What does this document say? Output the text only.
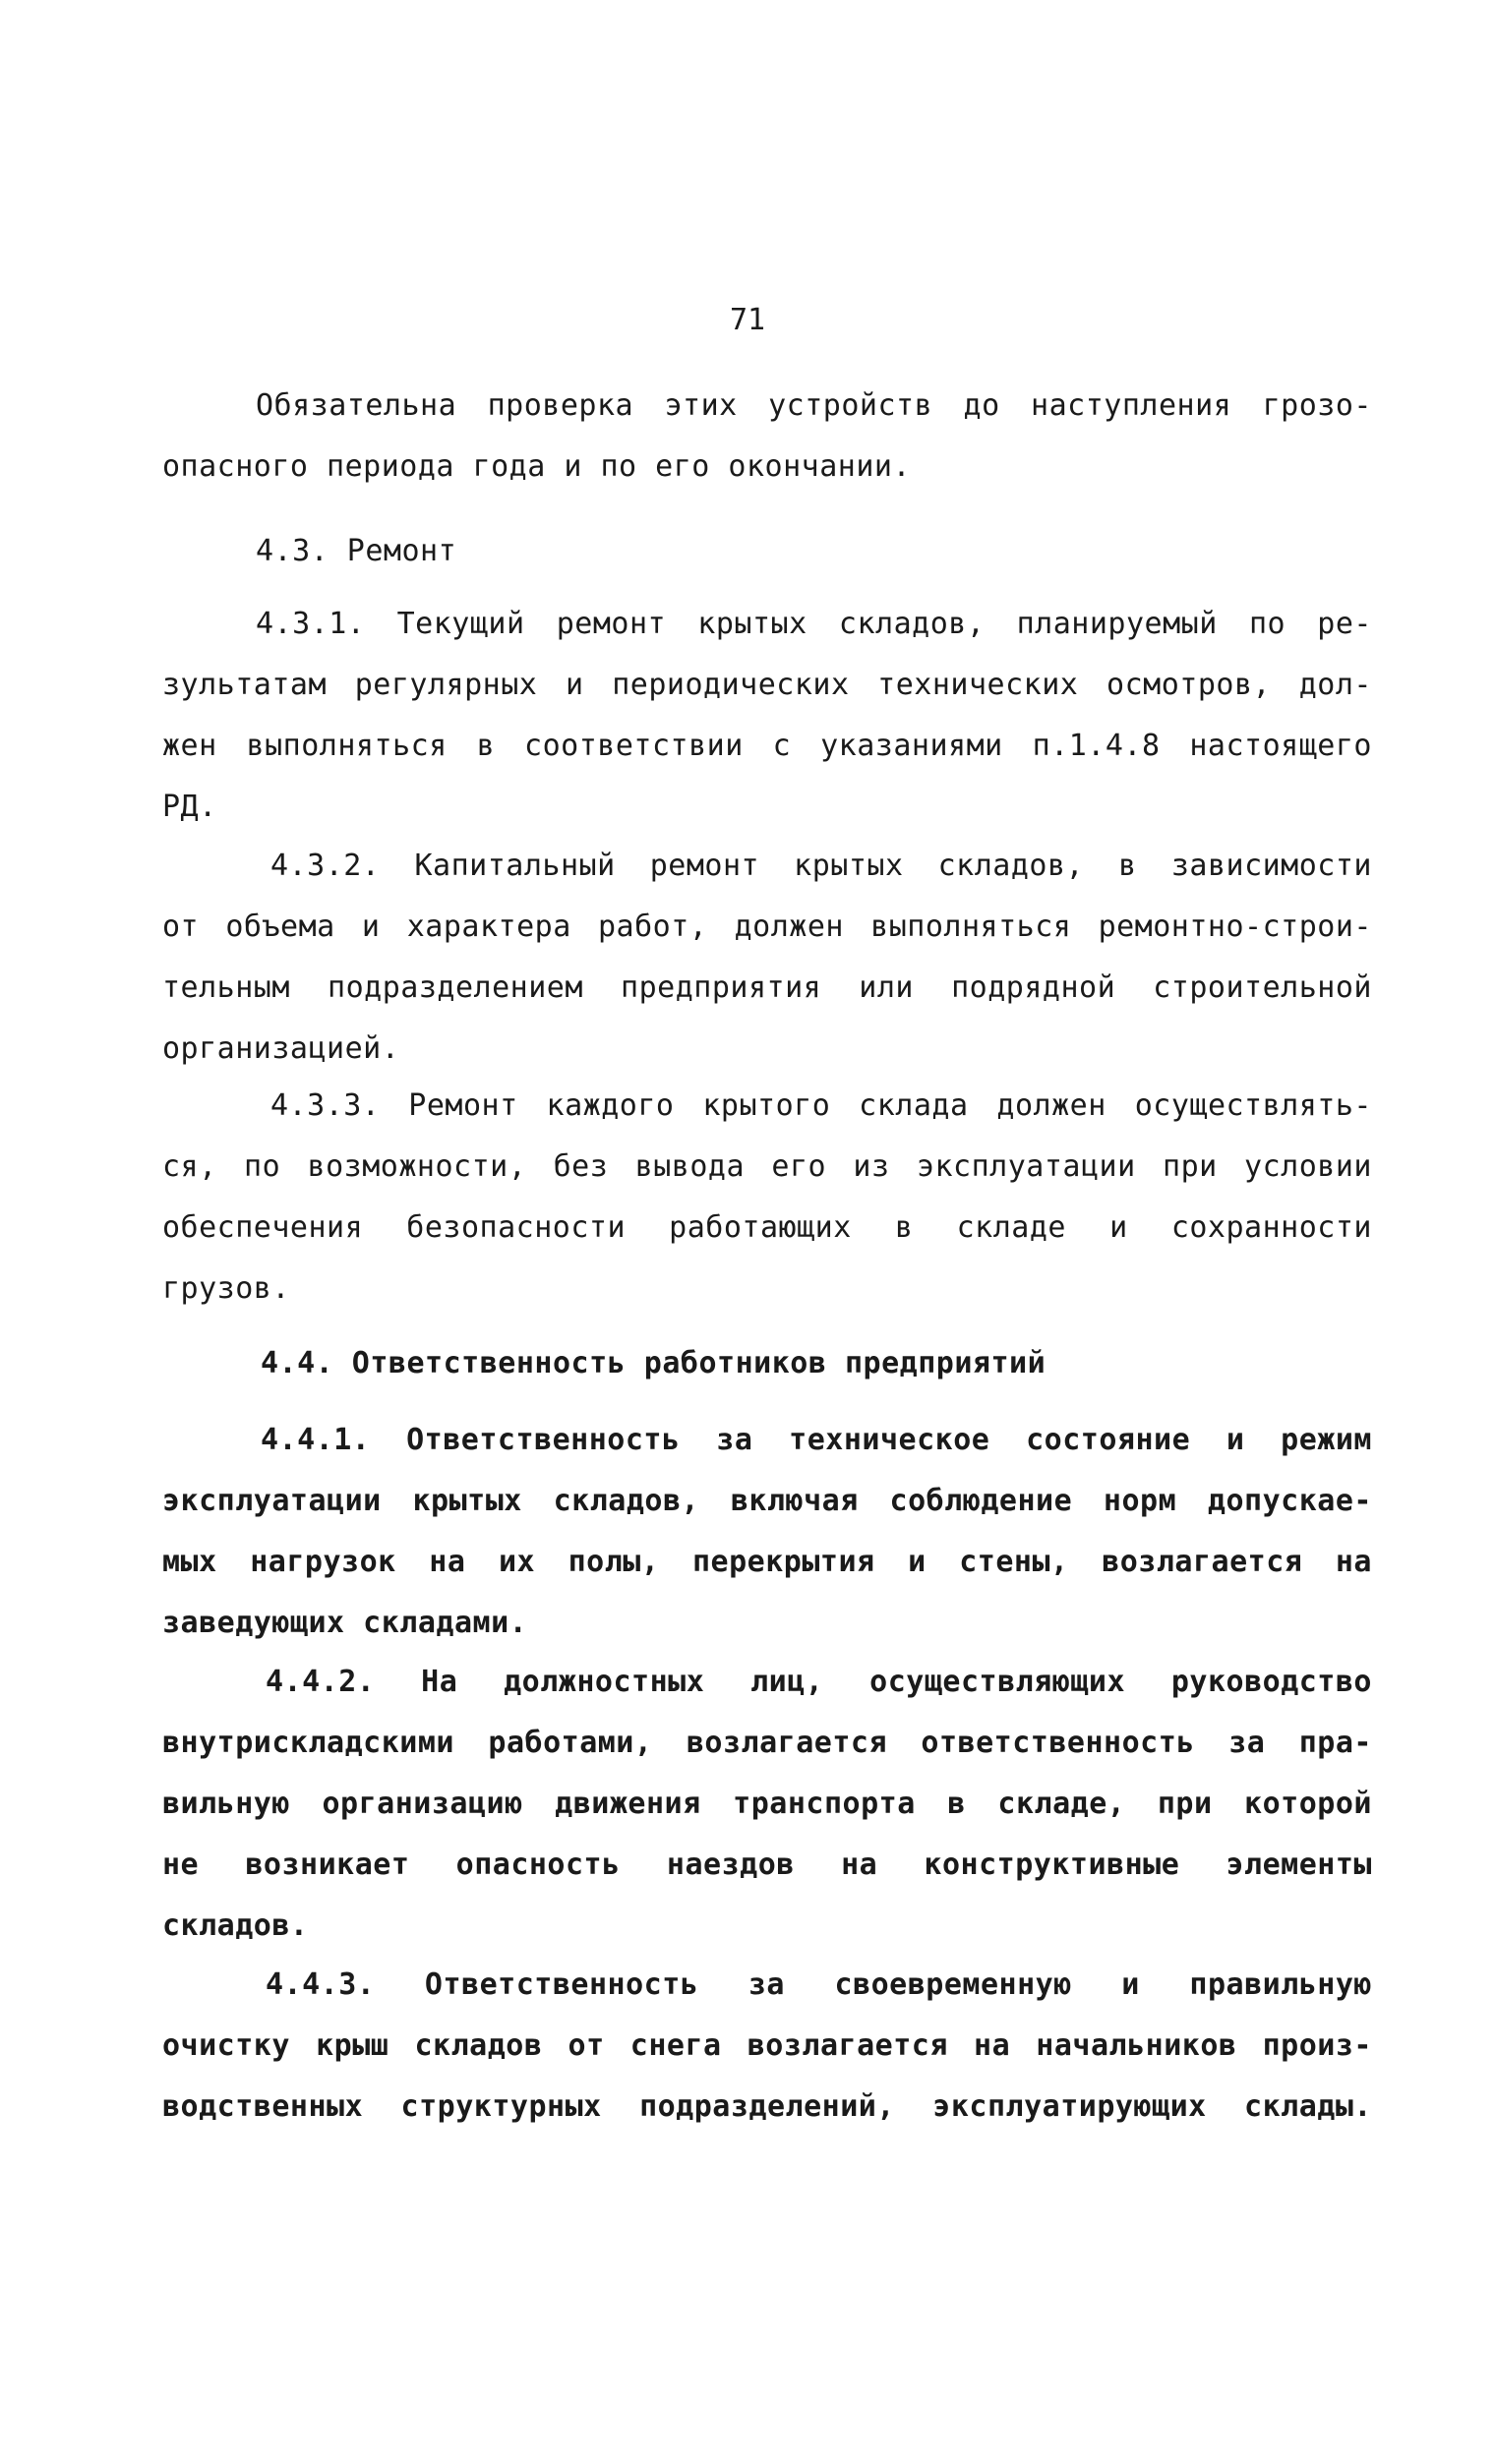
71
Обязательна проверка этих устройств до наступления грозо-
опасного периода года и по его окончании.
4.3. Ремонт
4.3.1. Текущий ремонт крытых складов, планируемый по ре-
зультатам регулярных и периодических технических осмотров, дол-
жен выполняться в соответствии с указаниями п.1.4.8 настоящего
РД.
4.3.2. Капитальный ремонт крытых складов, в зависимости
от объема и характера работ, должен выполняться ремонтно-строи-
тельным подразделением предприятия или подрядной строительной
организацией.
4.3.3. Ремонт каждого крытого склада должен осуществлять-
ся, по возможности, без вывода его из эксплуатации при условии
обеспечения безопасности работающих в складе и сохранности
грузов.
4.4. Ответственность работников предприятий
4.4.1. Ответственность за техническое состояние и режим
эксплуатации крытых складов, включая соблюдение норм допускае-
мых нагрузок на их полы, перекрытия и стены, возлагается на
заведующих складами.
4.4.2. На должностных лиц, осуществляющих руководство
внутрискладскими работами, возлагается ответственность за пра-
вильную организацию движения транспорта в складе, при которой
не возникает опасность наездов на конструктивные элементы
складов.
4.4.3. Ответственность за своевременную и правильную
очистку крыш складов от снега возлагается на начальников произ-
водственных структурных подразделений, эксплуатирующих склады.
